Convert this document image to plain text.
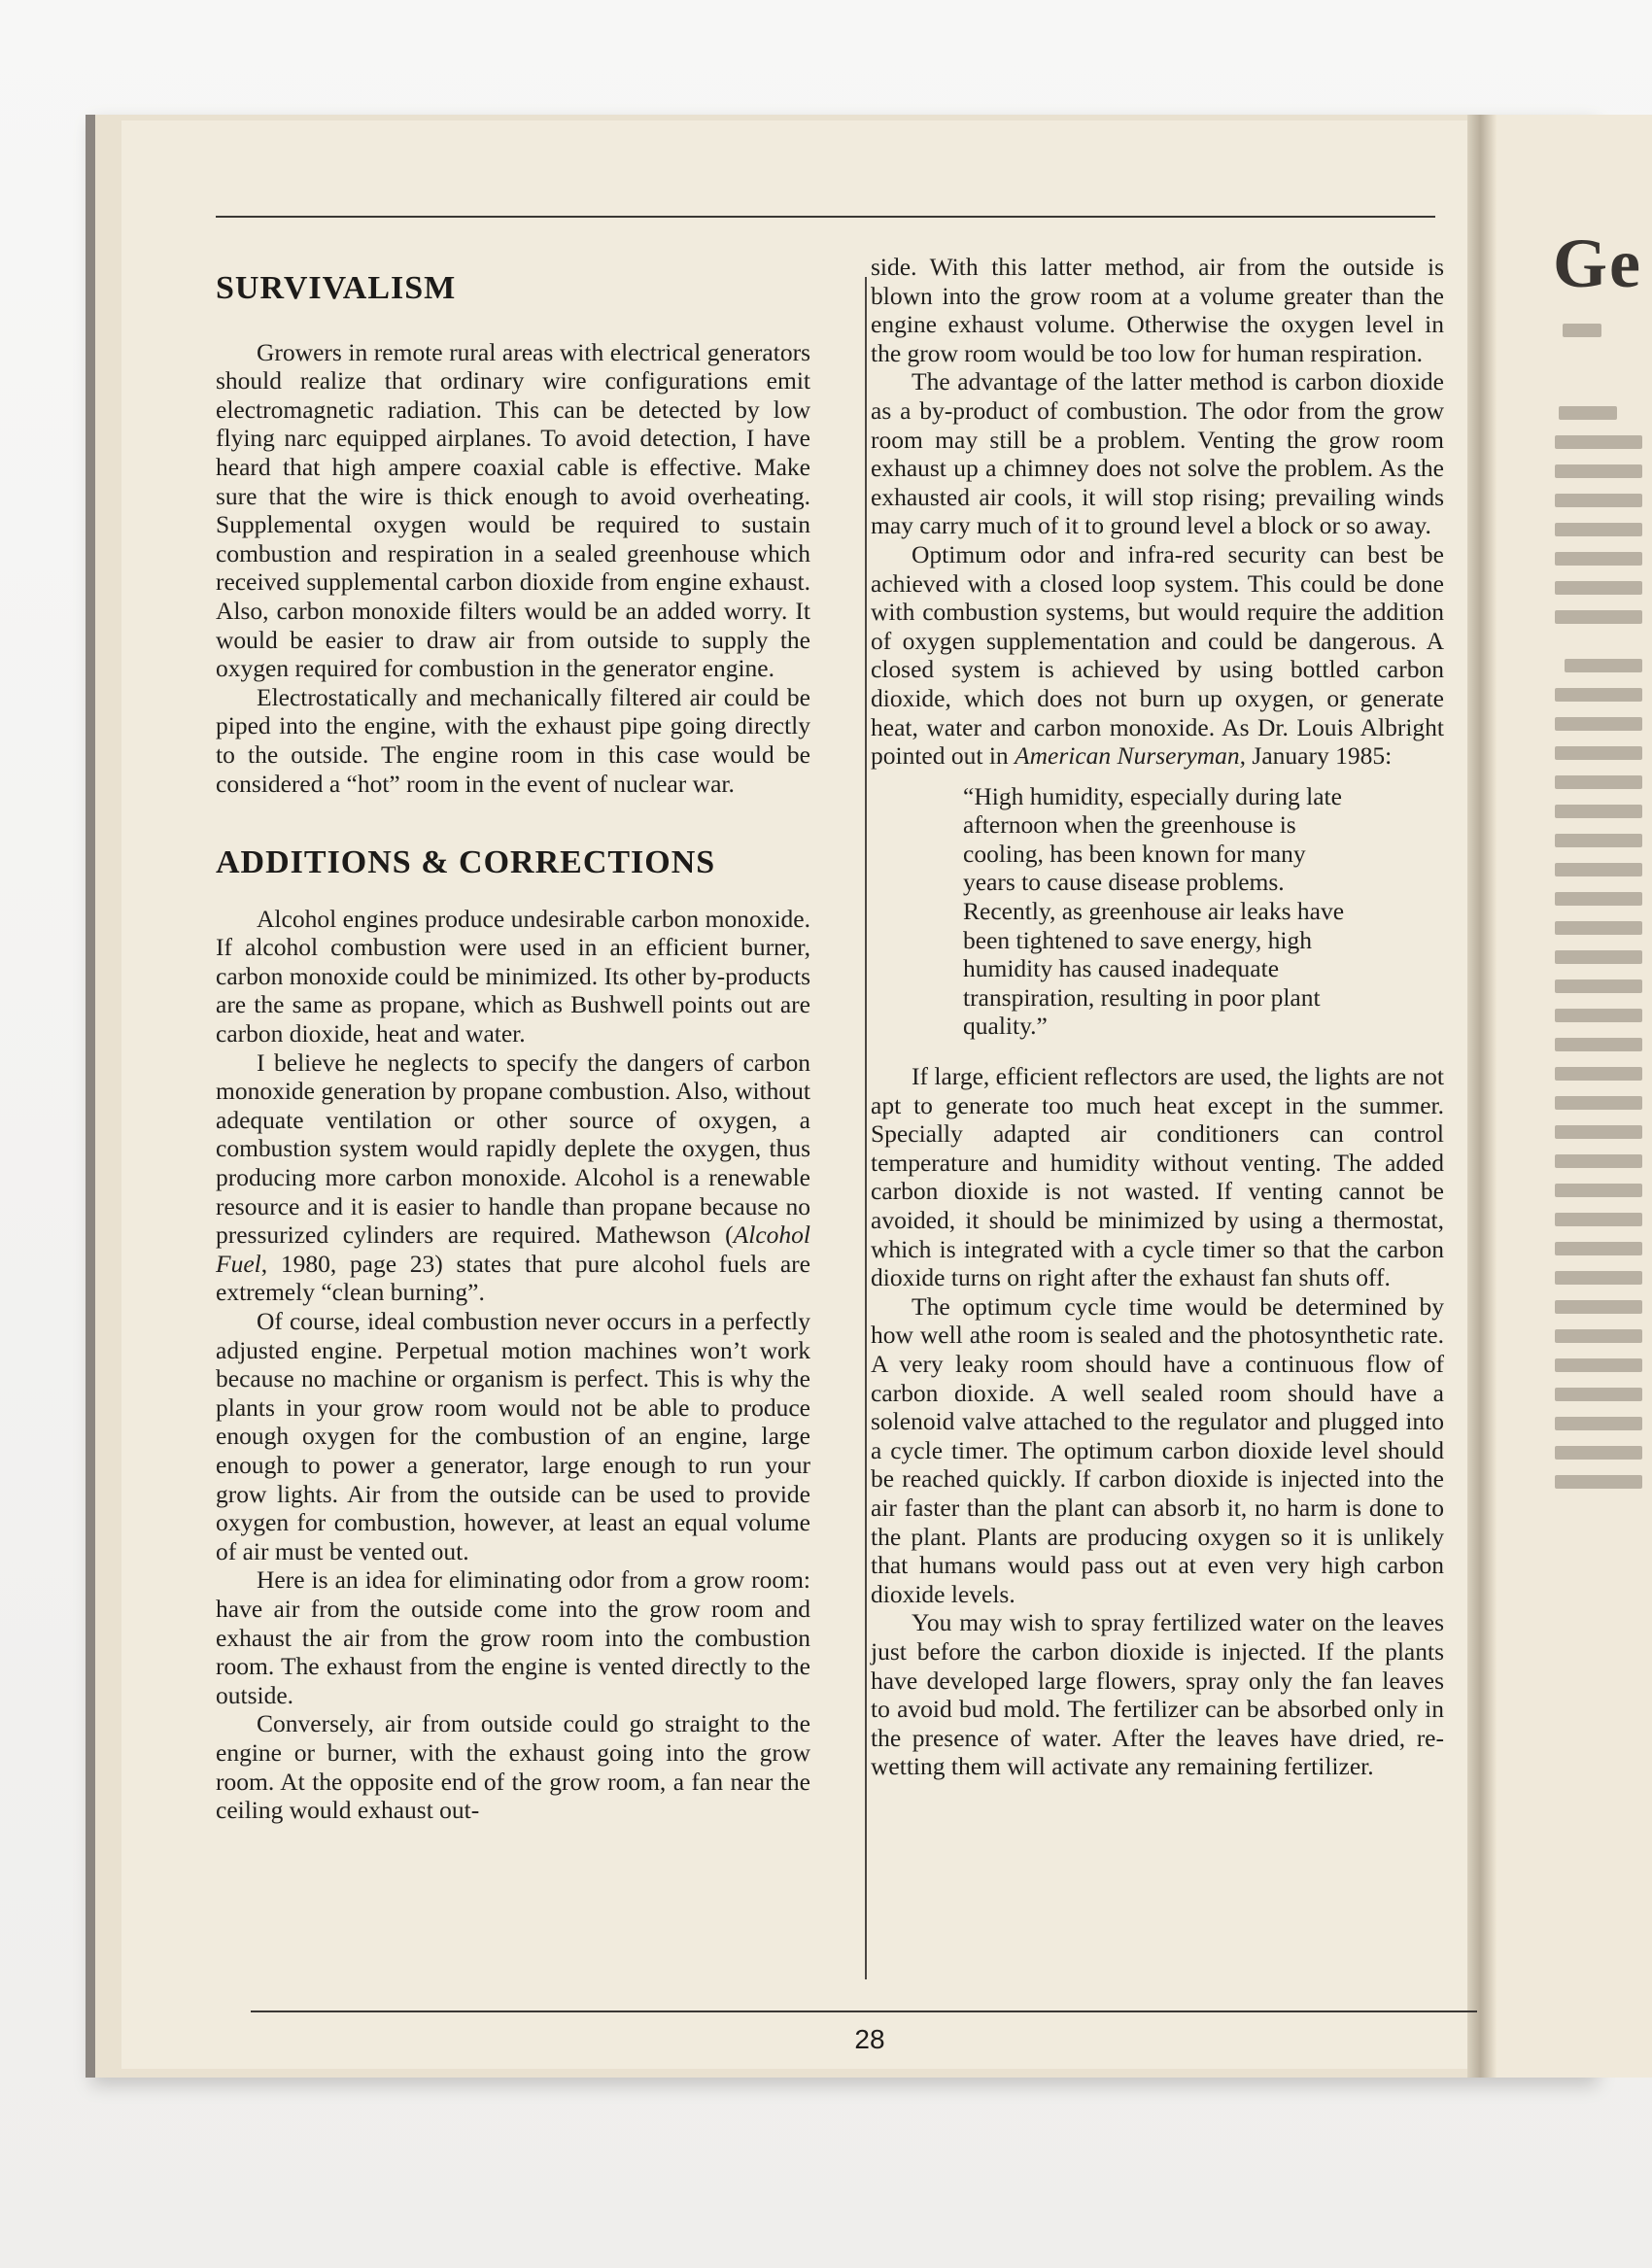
Ge
SURVIVALISM

Growers in remote rural areas with electrical generators should realize that ordinary wire configurations emit electromagnetic radiation. This can be detected by low flying narc equipped airplanes. To avoid detection, I have heard that high ampere coaxial cable is effective. Make sure that the wire is thick enough to avoid overheating. Supplemental oxygen would be required to sustain combustion and respiration in a sealed greenhouse which received supplemental carbon dioxide from engine exhaust. Also, carbon monoxide filters would be an added worry. It would be easier to draw air from outside to supply the oxygen required for combustion in the generator engine.

Electrostatically and mechanically filtered air could be piped into the engine, with the exhaust pipe going directly to the outside. The engine room in this case would be considered a “hot” room in the event of nuclear war.

ADDITIONS & CORRECTIONS

Alcohol engines produce undesirable carbon monoxide. If alcohol combustion were used in an efficient burner, carbon monoxide could be minimized. Its other by-products are the same as propane, which as Bushwell points out are carbon dioxide, heat and water.

I believe he neglects to specify the dangers of carbon monoxide generation by propane combustion. Also, without adequate ventilation or other source of oxygen, a combustion system would rapidly deplete the oxygen, thus producing more carbon monoxide. Alcohol is a renewable resource and it is easier to handle than propane because no pressurized cylinders are required. Mathewson (Alcohol Fuel, 1980, page 23) states that pure alcohol fuels are extremely “clean burning”.

Of course, ideal combustion never occurs in a perfectly adjusted engine. Perpetual motion machines won’t work because no machine or organism is perfect. This is why the plants in your grow room would not be able to produce enough oxygen for the combustion of an engine, large enough to power a generator, large enough to run your grow lights. Air from the outside can be used to provide oxygen for combustion, however, at least an equal volume of air must be vented out.

Here is an idea for eliminating odor from a grow room: have air from the outside come into the grow room and exhaust the air from the grow room into the combustion room. The exhaust from the engine is vented directly to the outside.

Conversely, air from outside could go straight to the engine or burner, with the exhaust going into the grow room. At the opposite end of the grow room, a fan near the ceiling would exhaust out-

side. With this latter method, air from the outside is blown into the grow room at a volume greater than the engine exhaust volume. Otherwise the oxygen level in the grow room would be too low for human respiration.

The advantage of the latter method is carbon dioxide as a by-product of combustion. The odor from the grow room may still be a problem. Venting the grow room exhaust up a chimney does not solve the problem. As the exhausted air cools, it will stop rising; prevailing winds may carry much of it to ground level a block or so away.

Optimum odor and infra-red security can best be achieved with a closed loop system. This could be done with combustion systems, but would require the addition of oxygen supplementation and could be dangerous. A closed system is achieved by using bottled carbon dioxide, which does not burn up oxygen, or generate heat, water and carbon monoxide. As Dr. Louis Albright pointed out in American Nurseryman, January 1985:

“High humidity, especially during late afternoon when the greenhouse is cooling, has been known for many years to cause disease problems. Recently, as greenhouse air leaks have been tightened to save energy, high humidity has caused inadequate transpiration, resulting in poor plant quality.”

If large, efficient reflectors are used, the lights are not apt to generate too much heat except in the summer. Specially adapted air conditioners can control temperature and humidity without venting. The added carbon dioxide is not wasted. If venting cannot be avoided, it should be minimized by using a thermostat, which is integrated with a cycle timer so that the carbon dioxide turns on right after the exhaust fan shuts off.

The optimum cycle time would be determined by how well athe room is sealed and the photosynthetic rate. A very leaky room should have a continuous flow of carbon dioxide. A well sealed room should have a solenoid valve attached to the regulator and plugged into a cycle timer. The optimum carbon dioxide level should be reached quickly. If carbon dioxide is injected into the air faster than the plant can absorb it, no harm is done to the plant. Plants are producing oxygen so it is unlikely that humans would pass out at even very high carbon dioxide levels.

You may wish to spray fertilized water on the leaves just before the carbon dioxide is injected. If the plants have developed large flowers, spray only the fan leaves to avoid bud mold. The fertilizer can be absorbed only in the presence of water. After the leaves have dried, re-wetting them will activate any remaining fertilizer.

28
